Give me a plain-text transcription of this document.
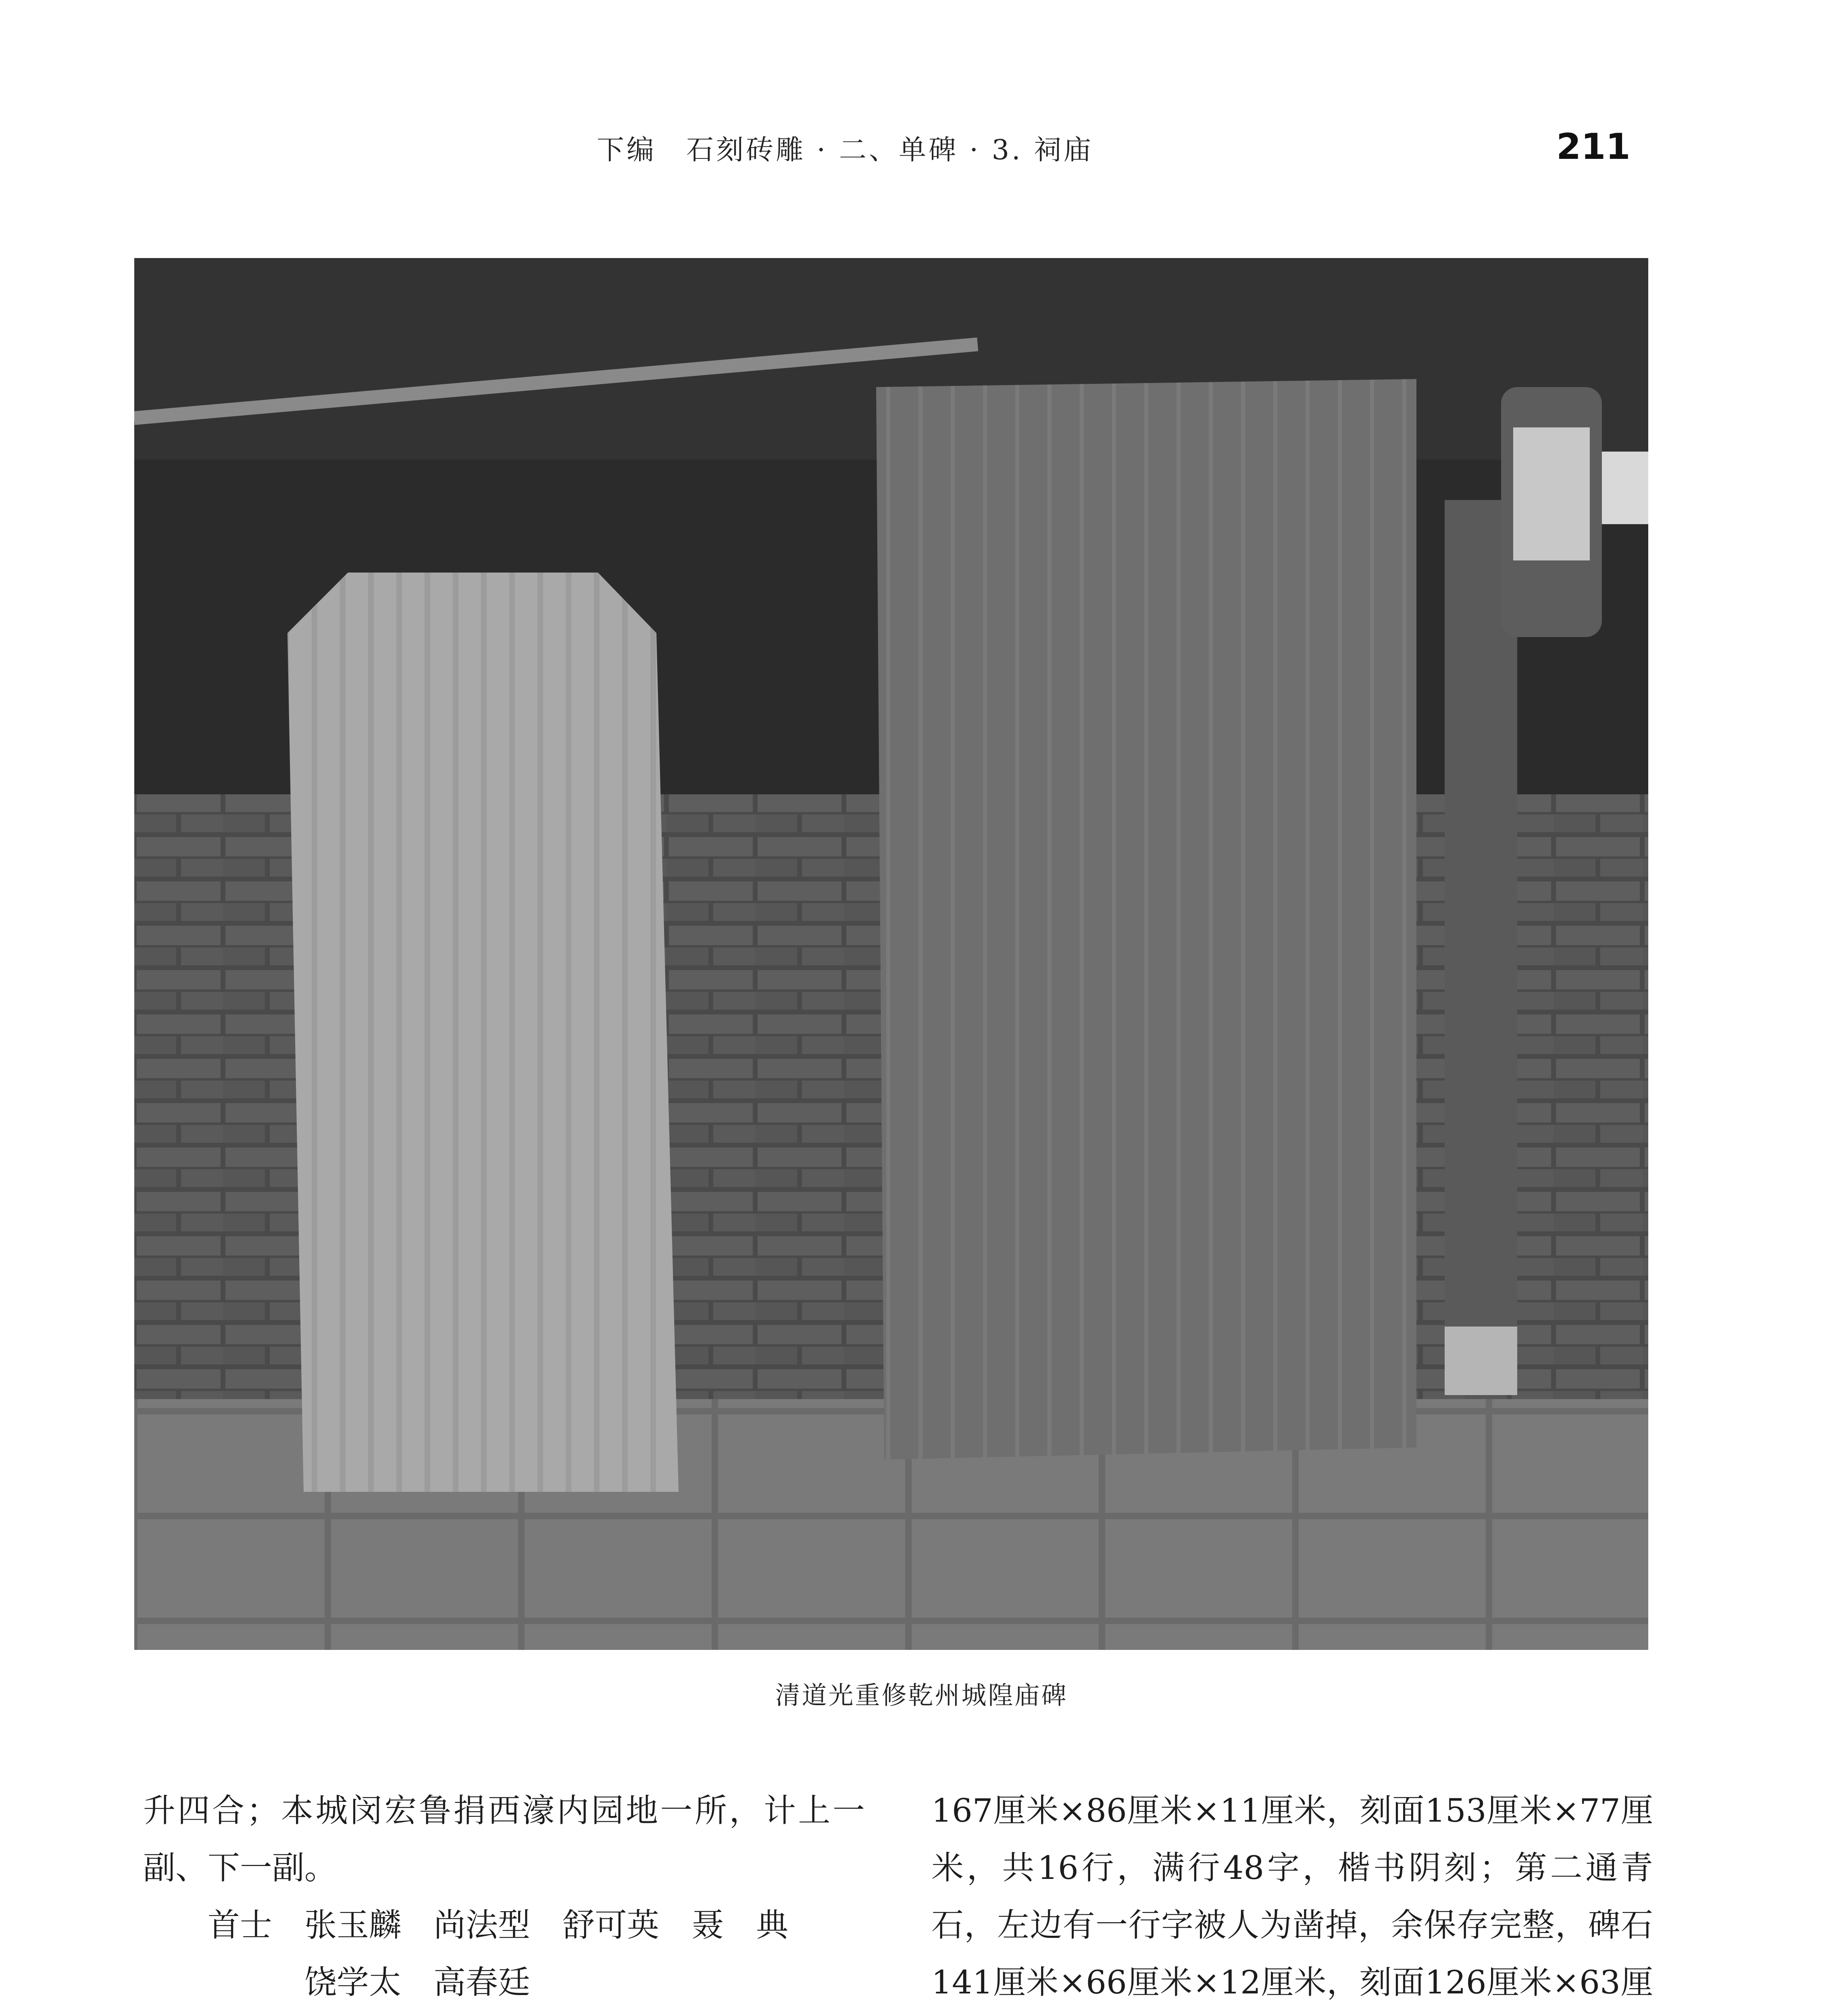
下编　石刻砖雕 · 二、单碑 · 3. 祠庙	211
清道光重修乾州城隍庙碑

升四合；本城闵宏鲁捐西濠内园地一所，计上一副、下一副。

　　首士　张玉麟　尚法型　舒可英　聂　典
　　　　　饶学太　高春廷

167厘米×86厘米×11厘米，刻面153厘米×77厘米，共16行，满行48字，楷书阴刻；第二通青石，左边有一行字被人为凿掉，余保存完整，碑石141厘米×66厘米×12厘米，刻面126厘米×63厘
